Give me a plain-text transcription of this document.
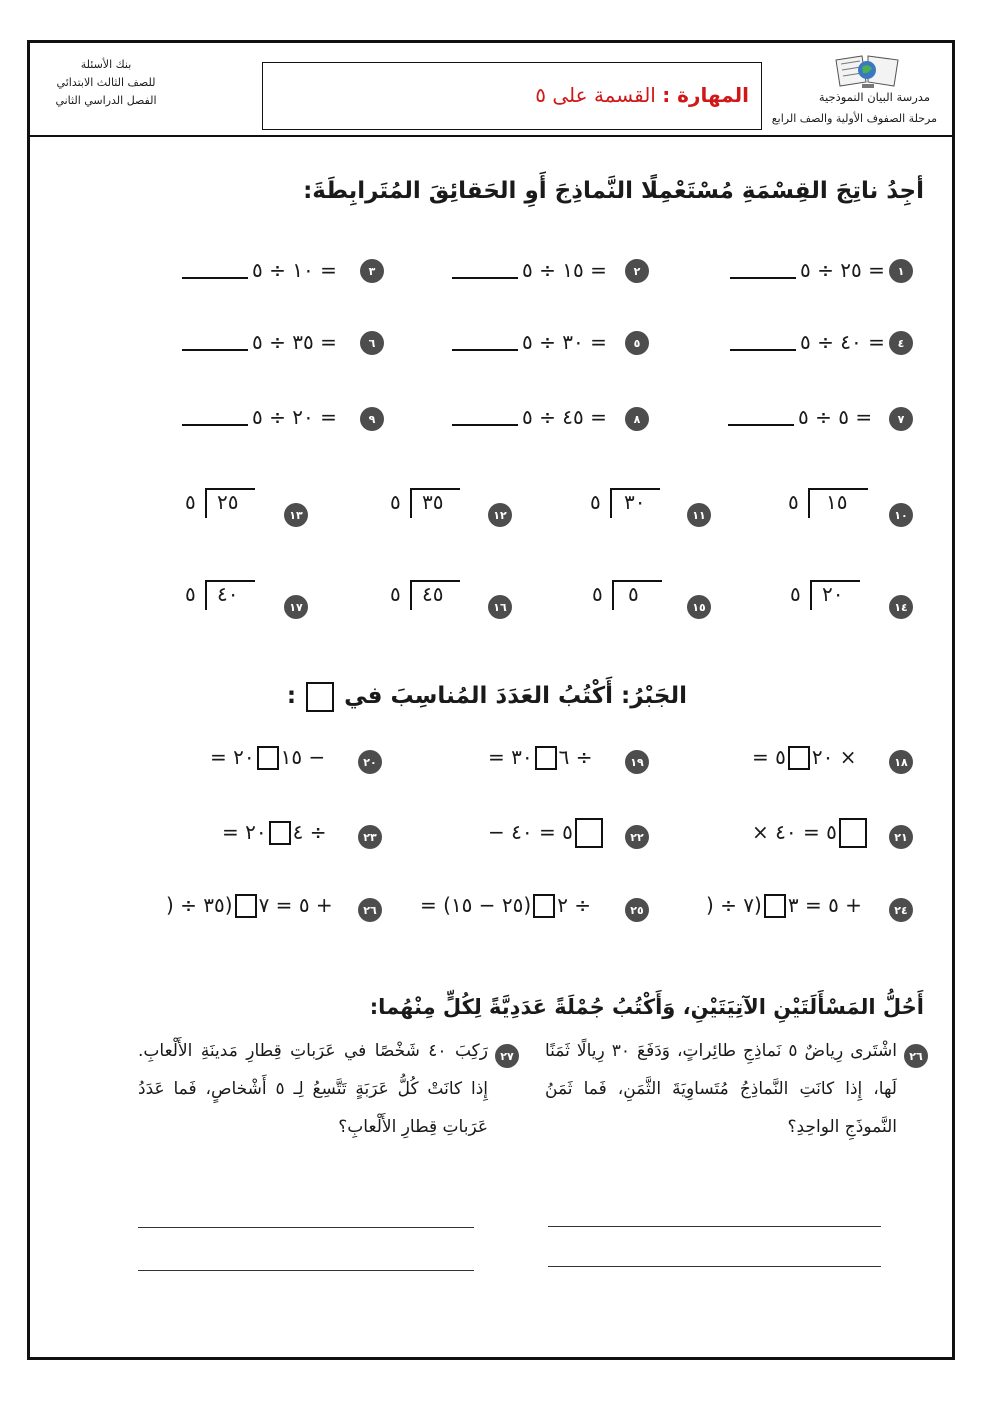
بنك الأسئلة
للصف الثالث الابتدائي
الفصل الدراسي الثاني	المهارة : القسمة على ٥	مدرسة البيان النموذجية
مرحلة الصفوف الأولية والصف الرابع
أجِدُ ناتِجَ القِسْمَةِ مُسْتَعْمِلًا النَّماذِجَ أَوِ الحَقائِقَ المُتَرابِطَةَ:
١
٢٥ ÷ ٥ =
٢
١٥ ÷ ٥ =
٣
١٠ ÷ ٥ =
٤
٤٠ ÷ ٥ =
٥
٣٠ ÷ ٥ =
٦
٣٥ ÷ ٥ =
٧
٥ ÷ ٥ =
٨
٤٥ ÷ ٥ =
٩
٢٠ ÷ ٥ =
١٠
٥ ١٥
١١
٥ ٣٠
١٢
٥ ٣٥
١٣
٥ ٢٥
١٤
٥ ٢٠
١٥
٥ ٥
١٦
٥ ٤٥
١٧
٥ ٤٠
الجَبْرُ: أَكْتُبُ العَدَدَ المُناسِبَ في  :
١٨
= ٢٠٥ ×
١٩
= ٦٣٠ ÷
٢٠
= ١٥٢٠ −
٢١
× ٥ = ٤٠
٢٢
− ٥ = ٤٠
٢٣
= ٤٢٠ ÷
٢٤
) ÷ ٥ = ٣(٧ +
٢٥
= ٢(٢٥ − ١٥) ÷
٢٦
) ÷ ٥ = ٧(٣٥ +
أَحُلُّ المَسْأَلَتَيْنِ الآتِيَتَيْنِ، وَأَكْتُبُ جُمْلَةً عَدَدِيَّةً لِكُلٍّ مِنْهُما:
٢٦
اشْتَرى رِياضٌ ٥ نَماذِجِ طائِراتٍ، وَدَفَعَ ٣٠ رِيالًا ثَمَنًا لَها، إِذا كانَتِ النَّماذِجُ مُتَساوِيَةَ الثَّمَنِ، فَما ثَمَنُ النَّموذَجِ الواحِدِ؟
٢٧
رَكِبَ ٤٠ شَخْصًا في عَرَباتِ قِطارِ مَدينَةِ الأَلْعابِ. إِذا كانَتْ كُلُّ عَرَبَةٍ تَتَّسِعُ لِـ ٥ أَشْخاصٍ، فَما عَدَدُ عَرَباتِ قِطارِ الأَلْعابِ؟
